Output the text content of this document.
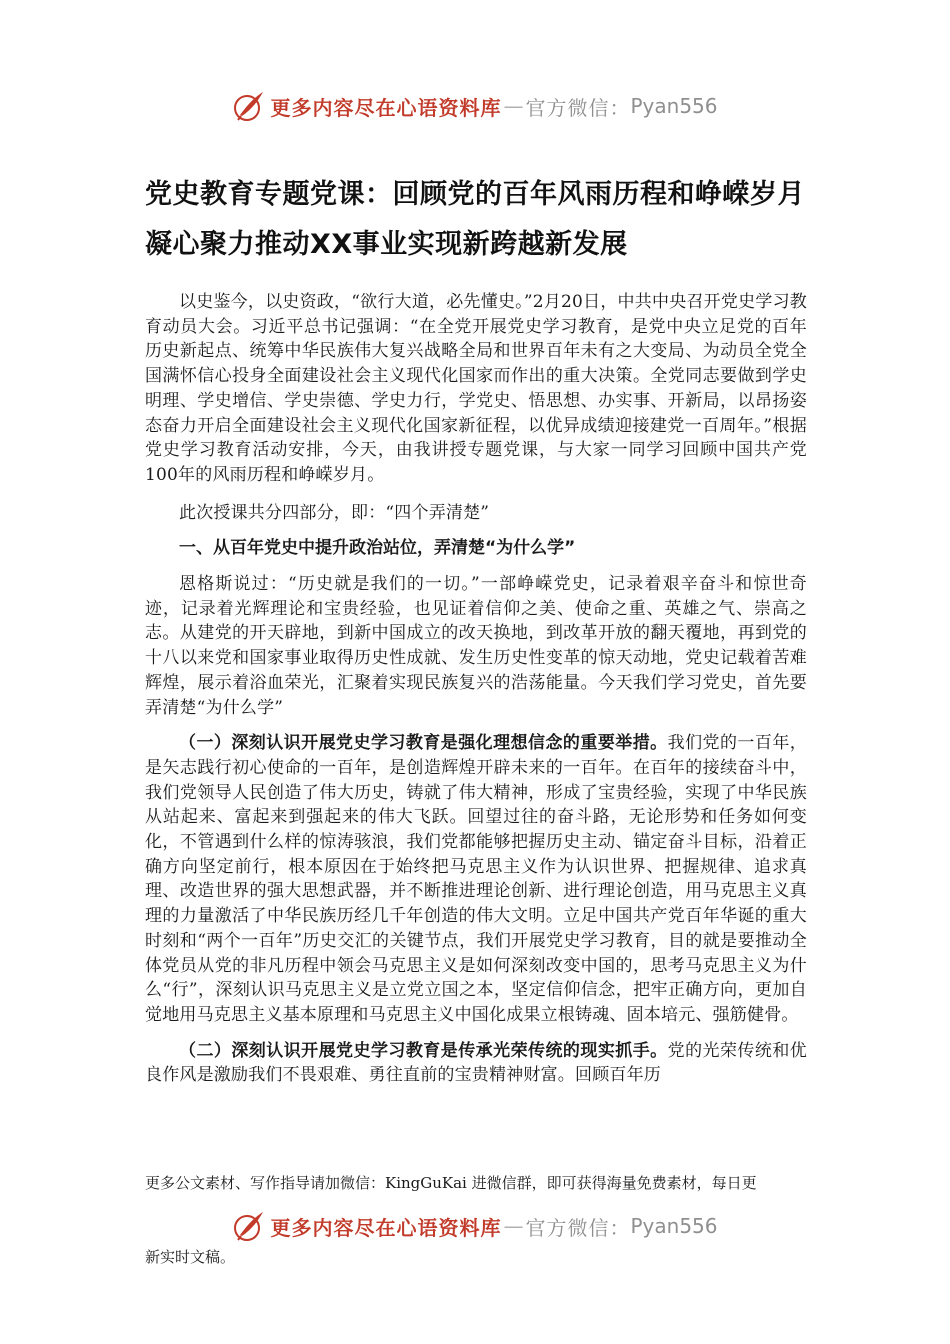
更多内容尽在心语资料库 — 官方微信： Pyan556
党史教育专题党课：回顾党的百年风雨历程和峥嵘岁月 凝心聚力推动XX事业实现新跨越新发展

以史鉴今，以史资政，“欲行大道，必先懂史。”2月20日，中共中央召开党史学习教育动员大会。习近平总书记强调：“在全党开展党史学习教育，是党中央立足党的百年历史新起点、统筹中华民族伟大复兴战略全局和世界百年未有之大变局、为动员全党全国满怀信心投身全面建设社会主义现代化国家而作出的重大决策。全党同志要做到学史明理、学史增信、学史崇德、学史力行，学党史、悟思想、办实事、开新局，以昂扬姿态奋力开启全面建设社会主义现代化国家新征程，以优异成绩迎接建党一百周年。”根据党史学习教育活动安排，今天，由我讲授专题党课，与大家一同学习回顾中国共产党100年的风雨历程和峥嵘岁月。

此次授课共分四部分，即：“四个弄清楚”

一、从百年党史中提升政治站位，弄清楚“为什么学”

恩格斯说过：“历史就是我们的一切。”一部峥嵘党史，记录着艰辛奋斗和惊世奇迹，记录着光辉理论和宝贵经验，也见证着信仰之美、使命之重、英雄之气、崇高之志。从建党的开天辟地，到新中国成立的改天换地，到改革开放的翻天覆地，再到党的十八以来党和国家事业取得历史性成就、发生历史性变革的惊天动地，党史记载着苦难辉煌，展示着浴血荣光，汇聚着实现民族复兴的浩荡能量。今天我们学习党史，首先要弄清楚“为什么学”

（一）深刻认识开展党史学习教育是强化理想信念的重要举措。我们党的一百年，是矢志践行初心使命的一百年，是创造辉煌开辟未来的一百年。在百年的接续奋斗中，我们党领导人民创造了伟大历史，铸就了伟大精神，形成了宝贵经验，实现了中华民族从站起来、富起来到强起来的伟大飞跃。回望过往的奋斗路，无论形势和任务如何变化，不管遇到什么样的惊涛骇浪，我们党都能够把握历史主动、锚定奋斗目标，沿着正确方向坚定前行，根本原因在于始终把马克思主义作为认识世界、把握规律、追求真理、改造世界的强大思想武器，并不断推进理论创新、进行理论创造，用马克思主义真理的力量激活了中华民族历经几千年创造的伟大文明。立足中国共产党百年华诞的重大时刻和“两个一百年”历史交汇的关键节点，我们开展党史学习教育，目的就是要推动全体党员从党的非凡历程中领会马克思主义是如何深刻改变中国的，思考马克思主义为什么“行”，深刻认识马克思主义是立党立国之本，坚定信仰信念，把牢正确方向，更加自觉地用马克思主义基本原理和马克思主义中国化成果立根铸魂、固本培元、强筋健骨。

（二）深刻认识开展党史学习教育是传承光荣传统的现实抓手。党的光荣传统和优良作风是激励我们不畏艰难、勇往直前的宝贵精神财富。回顾百年历

更多公文素材、写作指导请加微信：KingGuKai 进微信群，即可获得海量免费素材，每日更
更多内容尽在心语资料库 — 官方微信： Pyan556
新实时文稿。
